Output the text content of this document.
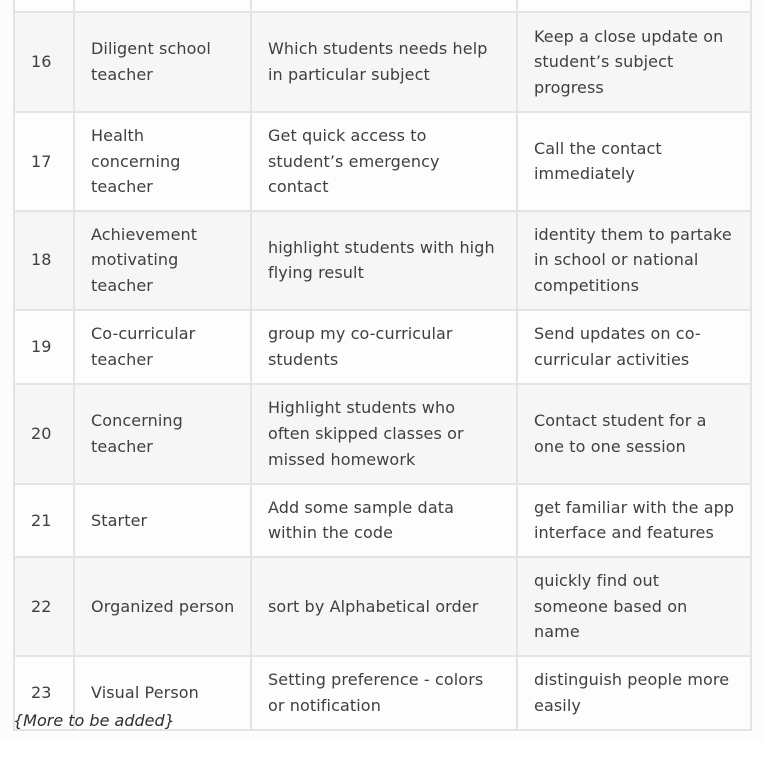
16	Diligent school teacher	Which students needs help in particular subject	Keep a close update on student’s subject progress

17	Health concerning teacher	Get quick access to student’s emergency contact	Call the contact immediately

18	Achievement motivating teacher	highlight students with high flying result	identity them to partake in school or national competitions

19	Co-curricular teacher	group my co-curricular students	Send updates on co-curricular activities

20	Concerning teacher	Highlight students who often skipped classes or missed homework	Contact student for a one to one session

21	Starter	Add some sample data within the code	get familiar with the app interface and features

22	Organized person	sort by Alphabetical order	quickly find out someone based on name

23	Visual Person	Setting preference - colors or notification	distinguish people more easily
{More to be added}
